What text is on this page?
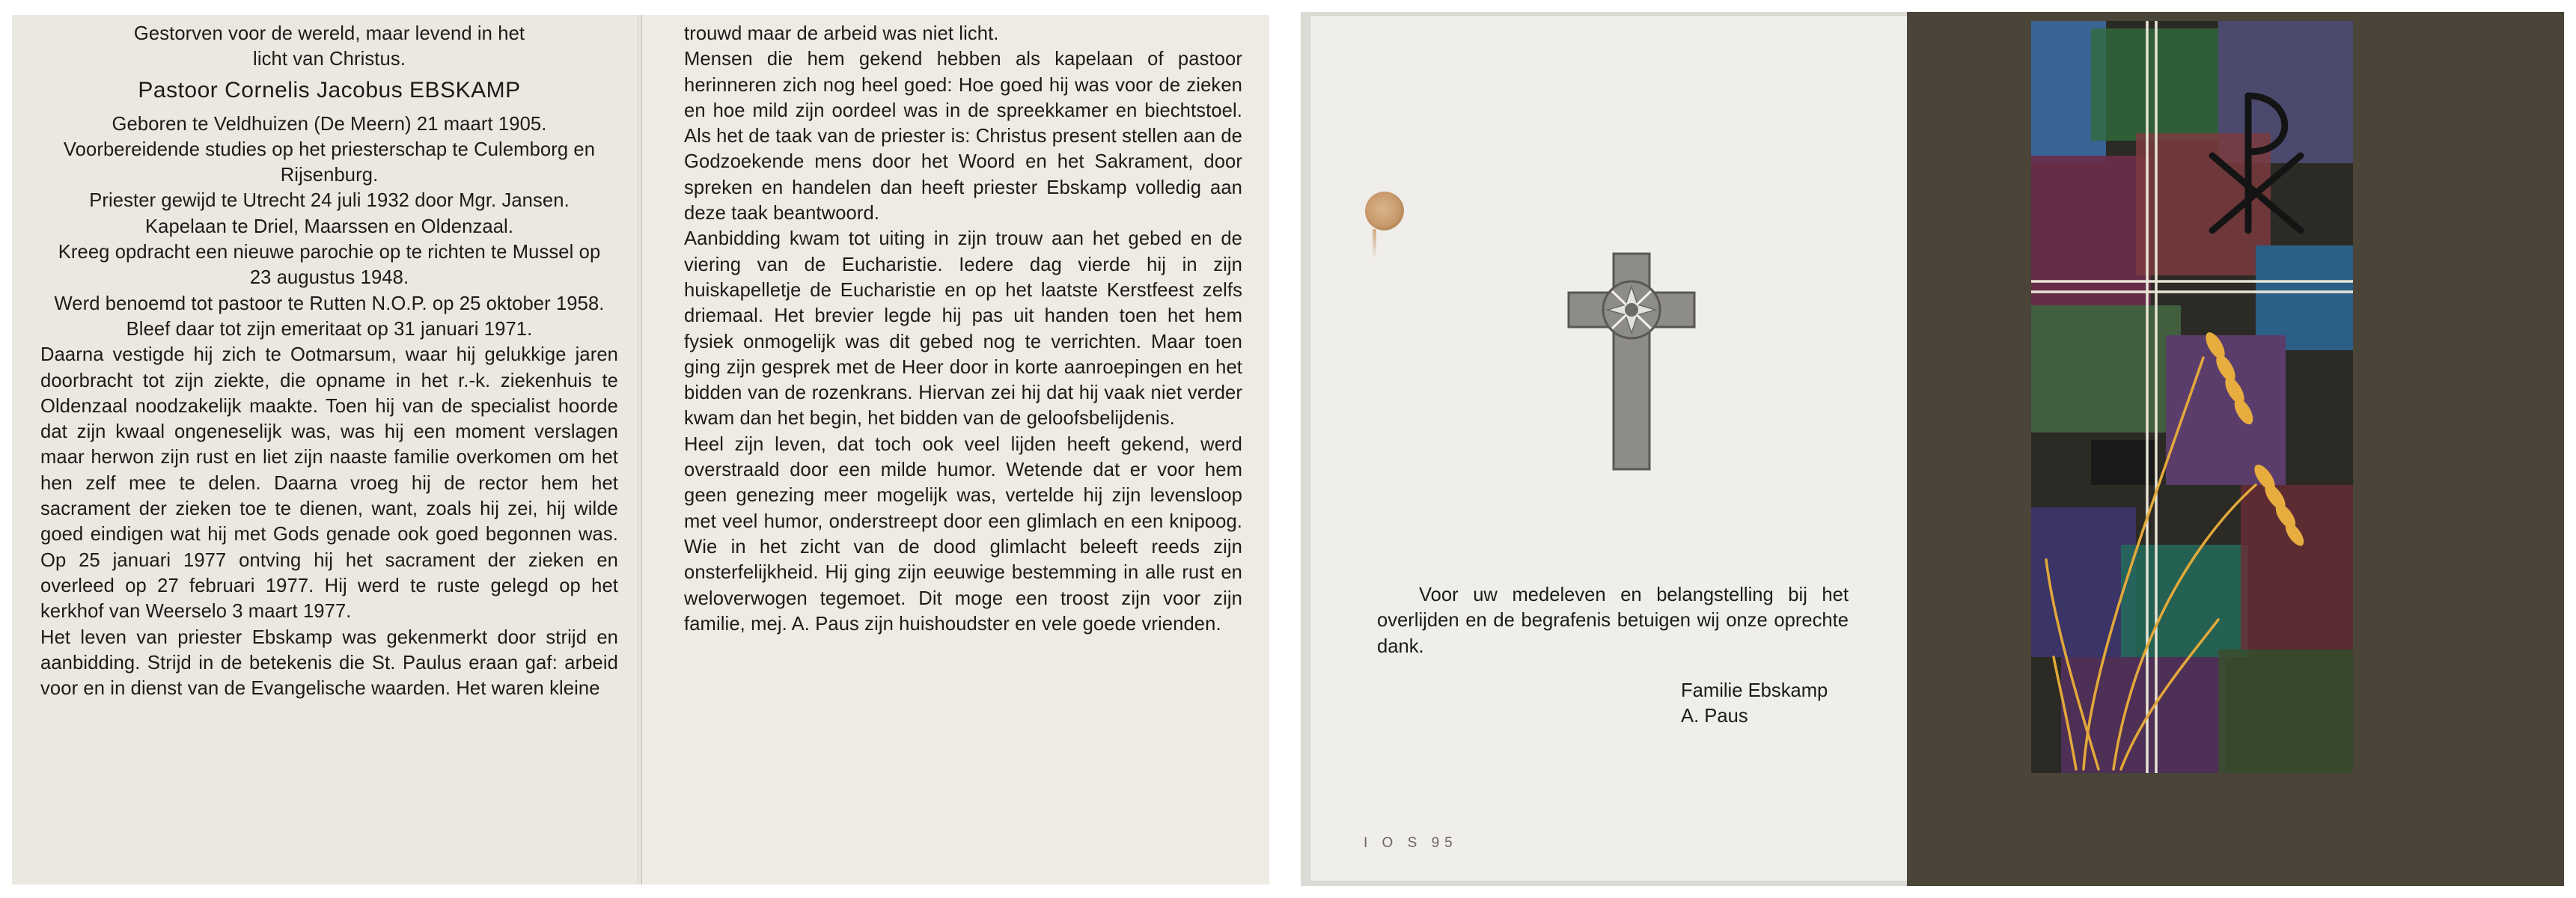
Gestorven voor de wereld, maar levend in het

licht van Christus.

Pastoor Cornelis Jacobus EBSKAMP

Geboren te Veldhuizen (De Meern) 21 maart 1905.

Voorbereidende studies op het priesterschap te Culemborg en Rijsenburg.

Priester gewijd te Utrecht 24 juli 1932 door Mgr. Jansen.

Kapelaan te Driel, Maarssen en Oldenzaal.

Kreeg opdracht een nieuwe parochie op te richten te Mussel op 23 augustus 1948.

Werd benoemd tot pastoor te Rutten N.O.P. op 25 oktober 1958. Bleef daar tot zijn emeritaat op 31 januari 1971.

Daarna vestigde hij zich te Ootmarsum, waar hij gelukkige jaren doorbracht tot zijn ziekte, die opname in het r.-k. ziekenhuis te Oldenzaal noodzakelijk maakte. Toen hij van de specialist hoorde dat zijn kwaal ongeneselijk was, was hij een moment verslagen maar herwon zijn rust en liet zijn naaste familie overkomen om het hen zelf mee te delen. Daarna vroeg hij de rector hem het sacrament der zieken toe te dienen, want, zoals hij zei, hij wilde goed eindigen wat hij met Gods genade ook goed begonnen was. Op 25 januari 1977 ontving hij het sacrament der zieken en overleed op 27 februari 1977. Hij werd te ruste gelegd op het kerkhof van Weerselo 3 maart 1977.

Het leven van priester Ebskamp was gekenmerkt door strijd en aanbidding. Strijd in de betekenis die St. Paulus eraan gaf: arbeid voor en in dienst van de Evangelische waarden. Het waren kleine

trouwd maar de arbeid was niet licht.

Mensen die hem gekend hebben als kapelaan of pastoor herinneren zich nog heel goed: Hoe goed hij was voor de zieken en hoe mild zijn oordeel was in de spreekkamer en biechtstoel. Als het de taak van de priester is: Christus present stellen aan de Godzoekende mens door het Woord en het Sakrament, door spreken en handelen dan heeft priester Ebskamp volledig aan deze taak beantwoord.

Aanbidding kwam tot uiting in zijn trouw aan het gebed en de viering van de Eucharistie. Iedere dag vierde hij in zijn huiskapelletje de Eucharistie en op het laatste Kerstfeest zelfs driemaal. Het brevier legde hij pas uit handen toen het hem fysiek onmogelijk was dit gebed nog te verrichten. Maar toen ging zijn gesprek met de Heer door in korte aanroepingen en het bidden van de rozenkrans. Hiervan zei hij dat hij vaak niet verder kwam dan het begin, het bidden van de geloofsbelijdenis.

Heel zijn leven, dat toch ook veel lijden heeft gekend, werd overstraald door een milde humor. Wetende dat er voor hem geen genezing meer mogelijk was, vertelde hij zijn levensloop met veel humor, onderstreept door een glimlach en een knipoog. Wie in het zicht van de dood glimlacht beleeft reeds zijn onsterfelijkheid. Hij ging zijn eeuwige bestemming in alle rust en weloverwogen tegemoet. Dit moge een troost zijn voor zijn familie, mej. A. Paus zijn huishoudster en vele goede vrienden.

Voor uw medeleven en belangstelling bij het overlijden en de begrafenis betuigen wij onze oprechte dank.

Familie Ebskamp
A. Paus
I O S 95
